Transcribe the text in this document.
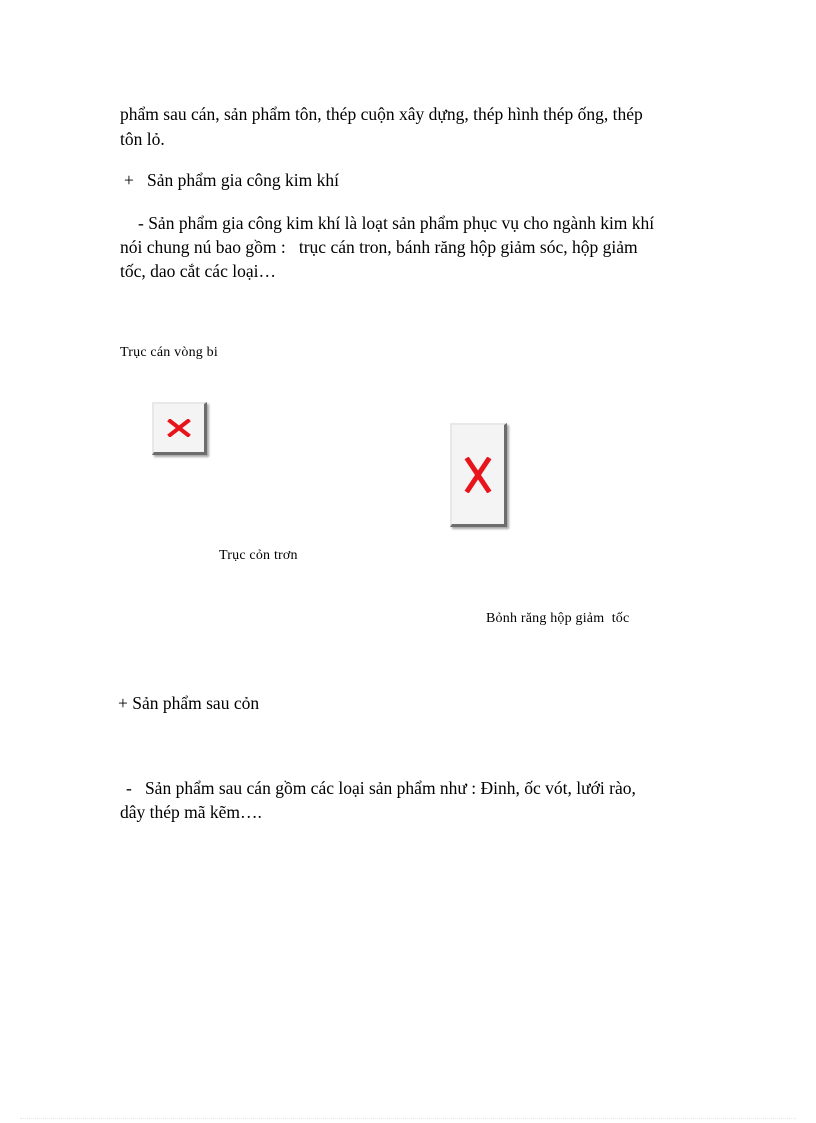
phẩm sau cán, sản phẩm tôn, thép cuộn xây dựng, thép hình thép ống, thép
tôn lỏ.
+   Sản phẩm gia công kim khí
- Sản phẩm gia công kim khí là loạt sản phẩm phục vụ cho ngành kim khí
nói chung nú bao gồm :   trục cán tron, bánh răng hộp giảm sóc, hộp giảm
tốc, dao cắt các loại…
Trục cán vòng bi
Trục cỏn trơn
Bỏnh răng hộp giảm  tốc
+ Sản phẩm sau cỏn
-   Sản phẩm sau cán gồm các loại sản phẩm như : Đinh, ốc vót, lưới rào,
dây thép mã kẽm….
